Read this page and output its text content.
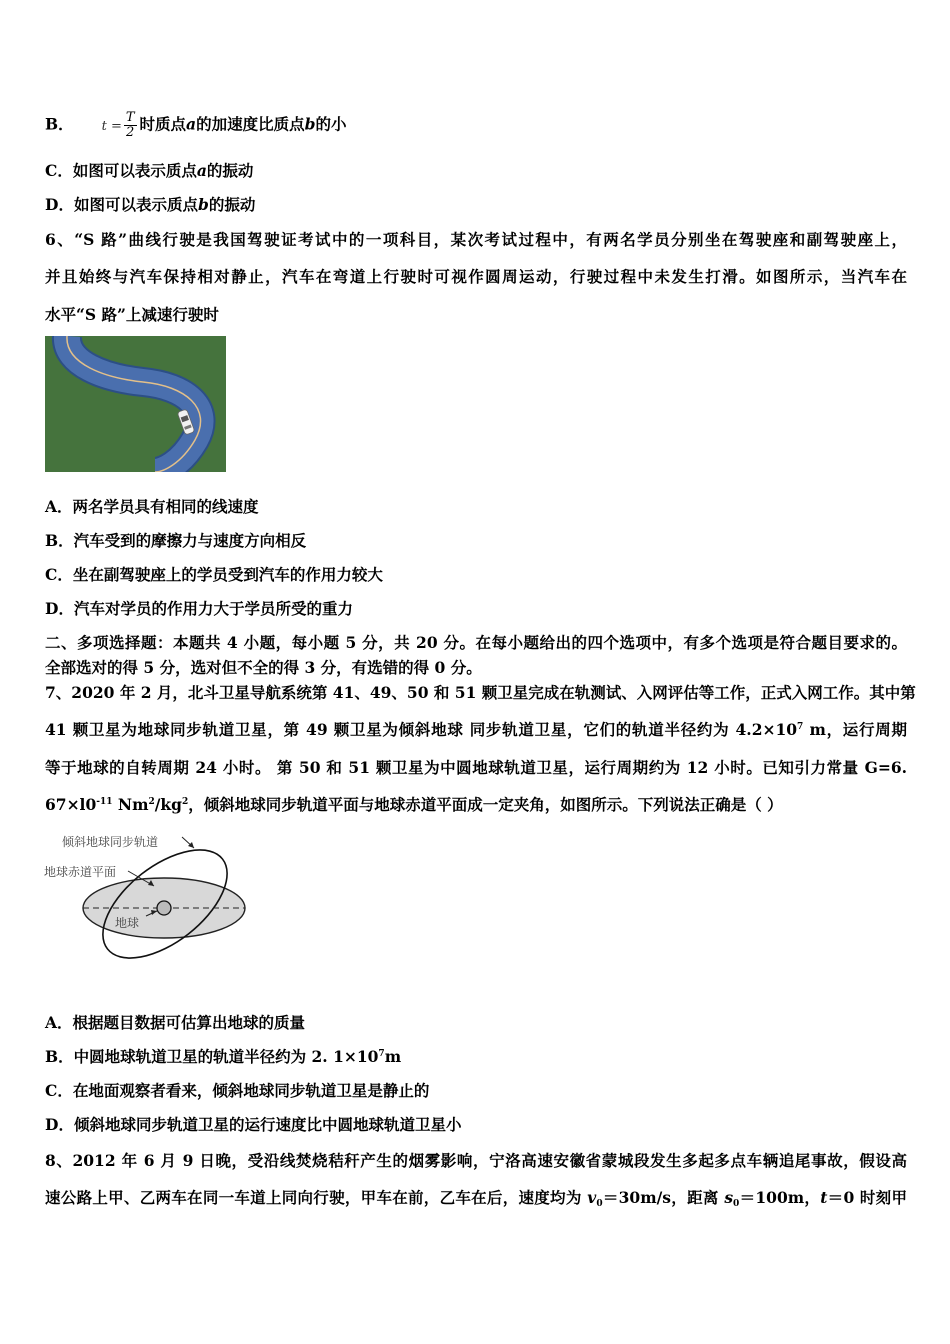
B． $t = \frac{T}{2}$ 时质点a的加速度比质点b的小
C．如图可以表示质点a的振动
D．如图可以表示质点b的振动
6、“S 路”曲线行驶是我国驾驶证考试中的一项科目，某次考试过程中，有两名学员分别坐在驾驶座和副驾驶座上，
并且始终与汽车保持相对静止，汽车在弯道上行驶时可视作圆周运动，行驶过程中未发生打滑。如图所示，当汽车在
水平“S 路”上减速行驶时
A．两名学员具有相同的线速度
B．汽车受到的摩擦力与速度方向相反
C．坐在副驾驶座上的学员受到汽车的作用力较大
D．汽车对学员的作用力大于学员所受的重力
二、多项选择题：本题共 4 小题，每小题 5 分，共 20 分。在每小题给出的四个选项中，有多个选项是符合题目要求的。
全部选对的得 5 分，选对但不全的得 3 分，有选错的得 0 分。
7、2020 年 2 月，北斗卫星导航系统第 41、49、50 和 51 颗卫星完成在轨测试、入网评估等工作，正式入网工作。其中第
41 颗卫星为地球同步轨道卫星，第 49 颗卫星为倾斜地球 同步轨道卫星，它们的轨道半径约为 $4.2\times 10^7$ m，运行周期
等于地球的自转周期 24 小时。 第 50 和 51 颗卫星为中圆地球轨道卫星，运行周期约为 12 小时。已知引力常量 G=6.
$67\times l0^{-11}$ $Nm^2/kg^2$，倾斜地球同步轨道平面与地球赤道平面成一定夹角，如图所示。下列说法正确是（ ）
倾斜地球同步轨道
地球赤道平面
地球
A．根据题目数据可估算出地球的质量
B．中圆地球轨道卫星的轨道半径约为 2. $1\times 10^7m$
C．在地面观察者看来，倾斜地球同步轨道卫星是静止的
D．倾斜地球同步轨道卫星的运行速度比中圆地球轨道卫星小
8、2012 年 6 月 9 日晚，受沿线焚烧秸秆产生的烟雾影响，宁洛高速安徽省蒙城段发生多起多点车辆追尾事故，假设高
速公路上甲、乙两车在同一车道上同向行驶，甲车在前，乙车在后，速度均为 $v_0=30m/s$，距离 $s_0=100m$，t＝0 时刻甲
